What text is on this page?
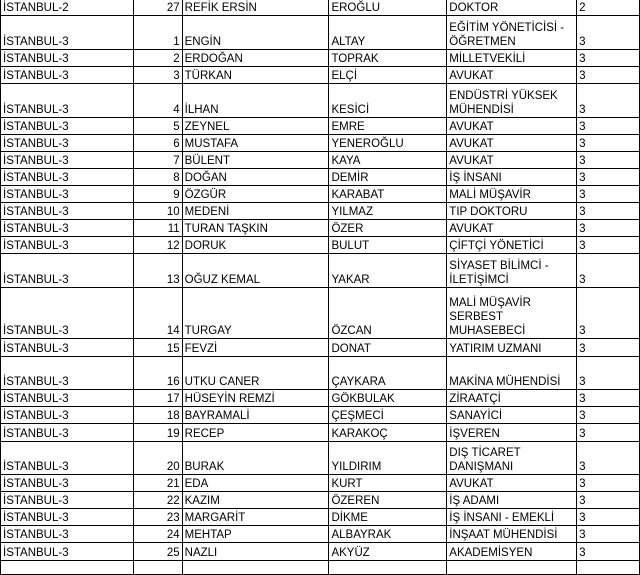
İSTANBUL-2	27	REFİK ERSİN	EROĞLU	DOKTOR	2
İSTANBUL-3	1	ENGİN	ALTAY	EĞİTİM YÖNETİCİSİ -
ÖĞRETMEN	3
İSTANBUL-3	2	ERDOĞAN	TOPRAK	MİLLETVEKİLİ	3
İSTANBUL-3	3	TÜRKAN	ELÇİ	AVUKAT	3
İSTANBUL-3	4	İLHAN	KESİCİ	ENDÜSTRİ YÜKSEK
MÜHENDİSİ	3
İSTANBUL-3	5	ZEYNEL	EMRE	AVUKAT	3
İSTANBUL-3	6	MUSTAFA	YENEROĞLU	AVUKAT	3
İSTANBUL-3	7	BÜLENT	KAYA	AVUKAT	3
İSTANBUL-3	8	DOĞAN	DEMİR	İŞ İNSANI	3
İSTANBUL-3	9	ÖZGÜR	KARABAT	MALİ MÜŞAVİR	3
İSTANBUL-3	10	MEDENİ	YILMAZ	TIP DOKTORU	3
İSTANBUL-3	11	TURAN TAŞKIN	ÖZER	AVUKAT	3
İSTANBUL-3	12	DORUK	BULUT	ÇİFTÇİ YÖNETİCİ	3
İSTANBUL-3	13	OĞUZ KEMAL	YAKAR	SİYASET BİLİMCİ -
İLETİŞİMCİ	3
İSTANBUL-3	14	TURGAY	ÖZCAN	MALİ MÜŞAVİR
SERBEST MUHASEBECİ	3
İSTANBUL-3	15	FEVZİ	DONAT	YATIRIM UZMANI	3
İSTANBUL-3	16	UTKU CANER	ÇAYKARA	MAKİNA MÜHENDİSİ	3
İSTANBUL-3	17	HÜSEYİN REMZİ	GÖKBULAK	ZİRAATÇİ	3
İSTANBUL-3	18	BAYRAMALİ	ÇEŞMECİ	SANAYİCİ	3
İSTANBUL-3	19	RECEP	KARAKOÇ	İŞVEREN	3
İSTANBUL-3	20	BURAK	YILDIRIM	DIŞ TİCARET
DANIŞMANI	3
İSTANBUL-3	21	EDA	KURT	AVUKAT	3
İSTANBUL-3	22	KAZIM	ÖZEREN	İŞ ADAMI	3
İSTANBUL-3	23	MARGARİT	DİKME	İŞ İNSANI - EMEKLİ	3
İSTANBUL-3	24	MEHTAP	ALBAYRAK	İNŞAAT MÜHENDİSİ	3
İSTANBUL-3	25	NAZLI	AKYÜZ	AKADEMİSYEN	3
